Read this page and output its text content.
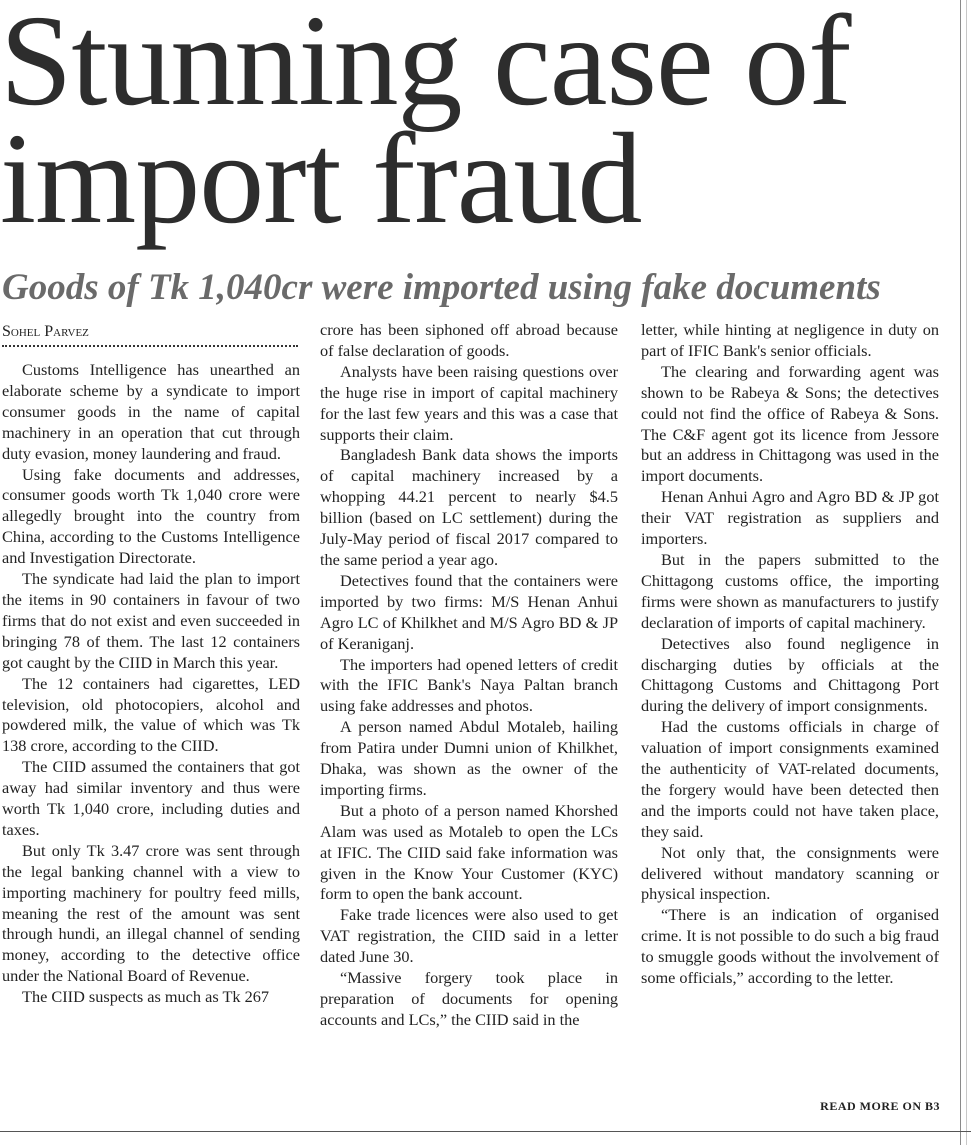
Stunning case of import fraud
Goods of Tk 1,040cr were imported using fake documents
Sohel Parvez

Customs Intelligence has unearthed an elaborate scheme by a syndicate to import consumer goods in the name of capital machinery in an operation that cut through duty evasion, money laundering and fraud.

Using fake documents and addresses, consumer goods worth Tk 1,040 crore were allegedly brought into the country from China, according to the Customs Intelligence and Investigation Directorate.

The syndicate had laid the plan to import the items in 90 containers in favour of two firms that do not exist and even succeeded in bringing 78 of them. The last 12 containers got caught by the CIID in March this year.

The 12 containers had cigarettes, LED television, old photocopiers, alcohol and powdered milk, the value of which was Tk 138 crore, according to the CIID.

The CIID assumed the containers that got away had similar inventory and thus were worth Tk 1,040 crore, including duties and taxes.

But only Tk 3.47 crore was sent through the legal banking channel with a view to importing machinery for poultry feed mills, meaning the rest of the amount was sent through hundi, an illegal channel of sending money, according to the detective office under the National Board of Revenue.

The CIID suspects as much as Tk 267

crore has been siphoned off abroad because of false declaration of goods.

Analysts have been raising questions over the huge rise in import of capital machinery for the last few years and this was a case that supports their claim.

Bangladesh Bank data shows the imports of capital machinery increased by a whopping 44.21 percent to nearly $4.5 billion (based on LC settlement) during the July-May period of fiscal 2017 compared to the same period a year ago.

Detectives found that the containers were imported by two firms: M/S Henan Anhui Agro LC of Khilkhet and M/S Agro BD & JP of Keraniganj.

The importers had opened letters of credit with the IFIC Bank's Naya Paltan branch using fake addresses and photos.

A person named Abdul Motaleb, hailing from Patira under Dumni union of Khilkhet, Dhaka, was shown as the owner of the importing firms.

But a photo of a person named Khorshed Alam was used as Motaleb to open the LCs at IFIC. The CIID said fake information was given in the Know Your Customer (KYC) form to open the bank account.

Fake trade licences were also used to get VAT registration, the CIID said in a letter dated June 30.

“Massive forgery took place in preparation of documents for opening accounts and LCs,” the CIID said in the

letter, while hinting at negligence in duty on part of IFIC Bank's senior officials.

The clearing and forwarding agent was shown to be Rabeya & Sons; the detectives could not find the office of Rabeya & Sons. The C&F agent got its licence from Jessore but an address in Chittagong was used in the import documents.

Henan Anhui Agro and Agro BD & JP got their VAT registration as suppliers and importers.

But in the papers submitted to the Chittagong customs office, the importing firms were shown as manufacturers to justify declaration of imports of capital machinery.

Detectives also found negligence in discharging duties by officials at the Chittagong Customs and Chittagong Port during the delivery of import consignments.

Had the customs officials in charge of valuation of import consignments examined the authenticity of VAT-related documents, the forgery would have been detected then and the imports could not have taken place, they said.

Not only that, the consignments were delivered without mandatory scanning or physical inspection.

“There is an indication of organised crime. It is not possible to do such a big fraud to smuggle goods without the involvement of some officials,” according to the letter.

READ MORE ON B3
